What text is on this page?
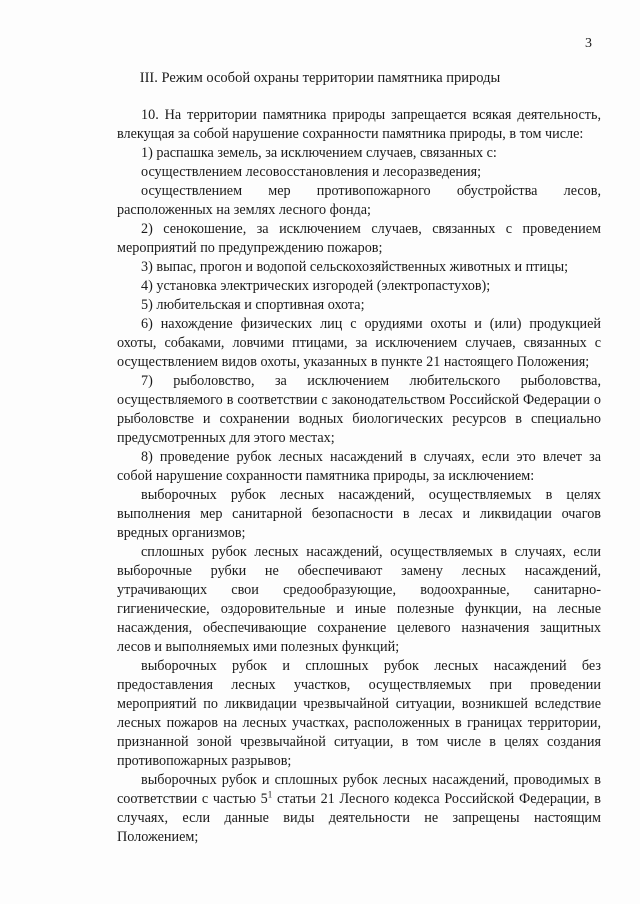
3
III. Режим особой охраны территории памятника природы

10. На территории памятника природы запрещается всякая деятельность, влекущая за собой нарушение сохранности памятника природы, в том числе:

1) распашка земель, за исключением случаев, связанных с:

осуществлением лесовосстановления и лесоразведения;

осуществлением мер противопожарного обустройства лесов, расположенных на землях лесного фонда;

2) сенокошение, за исключением случаев, связанных с проведением мероприятий по предупреждению пожаров;

3) выпас, прогон и водопой сельскохозяйственных животных и птицы;

4) установка электрических изгородей (электропастухов);

5) любительская и спортивная охота;

6) нахождение физических лиц с орудиями охоты и (или) продукцией охоты, собаками, ловчими птицами, за исключением случаев, связанных с осуществлением видов охоты, указанных в пункте 21 настоящего Положения;

7) рыболовство, за исключением любительского рыболовства, осуществляемого в соответствии с законодательством Российской Федерации о рыболовстве и сохранении водных биологических ресурсов в специально предусмотренных для этого местах;

8) проведение рубок лесных насаждений в случаях, если это влечет за собой нарушение сохранности памятника природы, за исключением:

выборочных рубок лесных насаждений, осуществляемых в целях выполнения мер санитарной безопасности в лесах и ликвидации очагов вредных организмов;

сплошных рубок лесных насаждений, осуществляемых в случаях, если выборочные рубки не обеспечивают замену лесных насаждений, утрачивающих свои средообразующие, водоохранные, санитарно-гигиенические, оздоровительные и иные полезные функции, на лесные насаждения, обеспечивающие сохранение целевого назначения защитных лесов и выполняемых ими полезных функций;

выборочных рубок и сплошных рубок лесных насаждений без предоставления лесных участков, осуществляемых при проведении мероприятий по ликвидации чрезвычайной ситуации, возникшей вследствие лесных пожаров на лесных участках, расположенных в границах территории, признанной зоной чрезвычайной ситуации, в том числе в целях создания противопожарных разрывов;

выборочных рубок и сплошных рубок лесных насаждений, проводимых в соответствии с частью $5^1$ статьи 21 Лесного кодекса Российской Федерации, в случаях, если данные виды деятельности не запрещены настоящим Положением;
